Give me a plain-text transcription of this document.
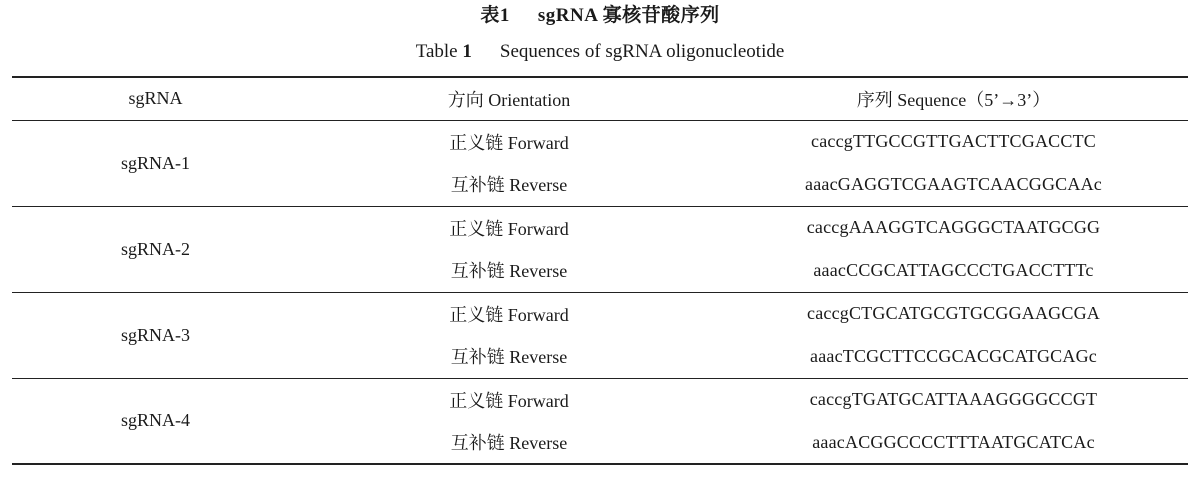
表1 sgRNA 寡核苷酸序列
Table 1 Sequences of sgRNA oligonucleotide
sgRNA	方向 Orientation	序列 Sequence（5’→3’）
sgRNA-1	正义链 Forward	caccgTTGCCGTTGACTTCGACCTC
	互补链 Reverse	aaacGAGGTCGAAGTCAACGGCAAc
sgRNA-2	正义链 Forward	caccgAAAGGTCAGGGCTAATGCGG
	互补链 Reverse	aaacCCGCATTAGCCCTGACCTTTc
sgRNA-3	正义链 Forward	caccgCTGCATGCGTGCGGAAGCGA
	互补链 Reverse	aaacTCGCTTCCGCACGCATGCAGc
sgRNA-4	正义链 Forward	caccgTGATGCATTAAAGGGGCCGT
	互补链 Reverse	aaacACGGCCCCTTTAATGCATCAc
